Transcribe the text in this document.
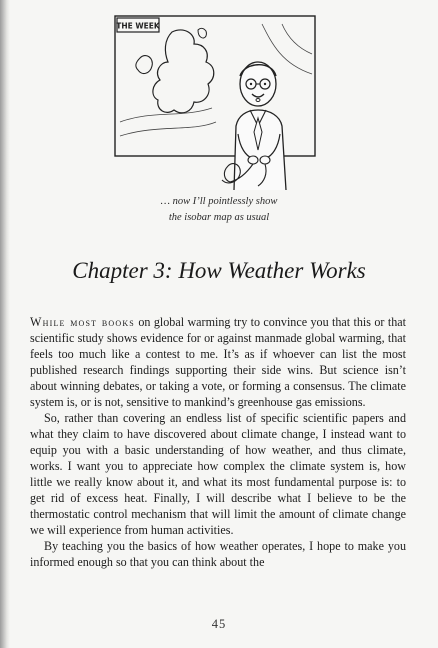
THE WEEK
… now I’ll pointlessly show
the isobar map as usual
Chapter 3: How Weather Works

While most books on global warming try to convince you that this or that scientific study shows evidence for or against manmade global warming, that feels too much like a contest to me. It’s as if whoever can list the most published research findings supporting their side wins. But science isn’t about winning debates, or taking a vote, or forming a consensus. The climate system is, or is not, sensitive to mankind’s greenhouse gas emissions.

So, rather than covering an endless list of specific scientific papers and what they claim to have discovered about climate change, I instead want to equip you with a basic understanding of how weather, and thus climate, works. I want you to appreciate how complex the climate system is, how little we really know about it, and what its most fundamental purpose is: to get rid of excess heat. Finally, I will describe what I believe to be the thermostatic control mechanism that will limit the amount of climate change we will experience from human activities.

By teaching you the basics of how weather operates, I hope to make you informed enough so that you can think about the

45
